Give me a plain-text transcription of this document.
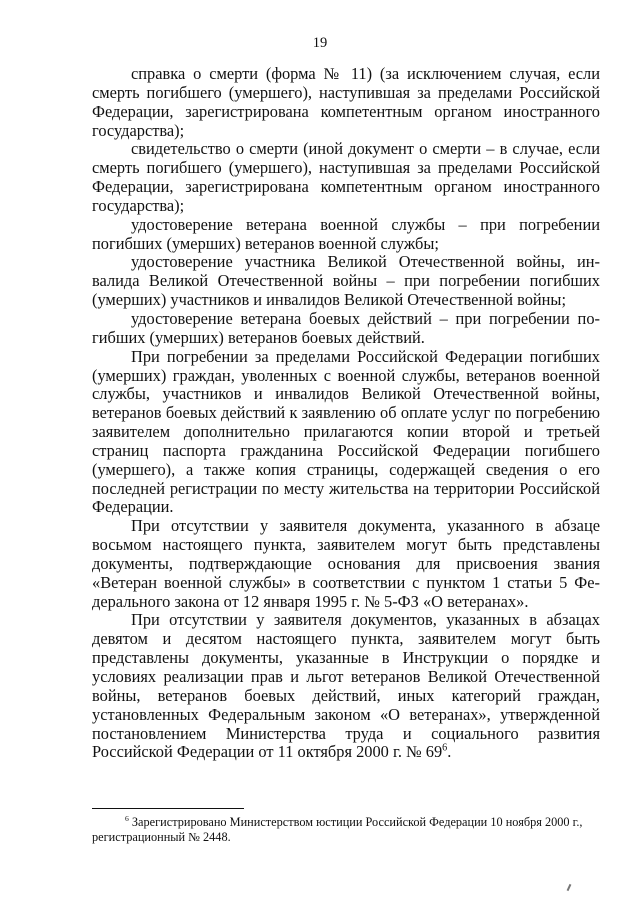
19

справка о смерти (форма № 11) (за исключением случая, если смерть погибшего (умершего), наступившая за пределами Российской Федерации, зарегистрирована компетентным органом иностранного государства);

свидетельство о смерти (иной документ о смерти – в случае, если смерть погибшего (умершего), наступившая за пределами Российской Федерации, зарегистрирована компетентным органом иностранного государства);

удостоверение ветерана военной службы – при погребении погибших (умерших) ветеранов военной службы;

удостоверение участника Великой Отечественной войны, инвалида Великой Отечественной войны – при погребении погибших (умерших) участников и инвалидов Великой Отечественной войны;

удостоверение ветерана боевых действий – при погребении погибших (умерших) ветеранов боевых действий.

При погребении за пределами Российской Федерации погибших (умерших) граждан, уволенных с военной службы, ветеранов военной службы, участников и инвалидов Великой Отечественной войны, ветеранов боевых действий к заявлению об оплате услуг по погребению заявителем дополнительно прилагаются копии второй и третьей страниц паспорта гражданина Российской Федерации погибшего (умершего), а также копия страницы, содержащей сведения о его последней регистрации по месту жительства на территории Российской Федерации.

При отсутствии у заявителя документа, указанного в абзаце восьмом настоящего пункта, заявителем могут быть представлены документы, подтверждающие основания для присвоения звания «Ветеран военной службы» в соответствии с пунктом 1 статьи 5 Федерального закона от 12 января 1995 г. № 5-ФЗ «О ветеранах».

При отсутствии у заявителя документов, указанных в абзацах девятом и десятом настоящего пункта, заявителем могут быть представлены документы, указанные в Инструкции о порядке и условиях реализации прав и льгот ветеранов Великой Отечественной войны, ветеранов боевых действий, иных категорий граждан, установленных Федеральным законом «О ветеранах», утвержденной постановлением Министерства труда и социального развития Российской Федерации от 11 октября 2000 г. № $69^6$.

$^6$ Зарегистрировано Министерством юстиции Российской Федерации 10 ноября 2000 г., регистрационный № 2448.
